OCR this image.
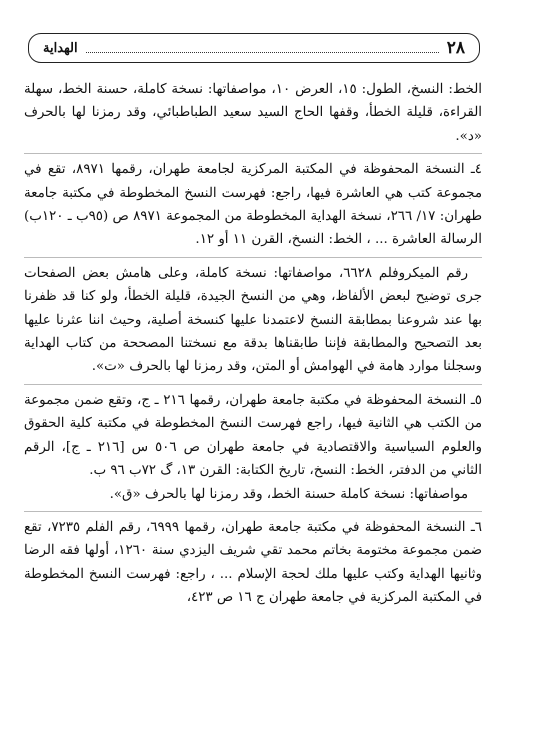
٢٨
الهداية

الخط: النسخ، الطول: ١٥، العرض ١٠، مواصفاتها: نسخة كاملة، حسنة الخط، سهلة القراءة، قليلة الخطأ، وقفها الحاج السيد سعيد الطباطبائي، وقد رمزنا لها بالحرف «د».

٤ـ النسخة المحفوظة في المكتبة المركزية لجامعة طهران، رقمها ٨٩٧١، تقع في مجموعة كتب هي العاشرة فيها، راجع: فهرست النسخ المخطوطة في مكتبة جامعة طهران: ١٧/ ٢٦٦، نسخة الهداية المخطوطة من المجموعة ٨٩٧١ ص (٩٥ب ـ ١٢٠ب) الرسالة العاشرة ... ، الخط: النسخ، القرن ١١ أو ١٢.

رقم الميكروفلم ٦٦٢٨، مواصفاتها: نسخة كاملة، وعلى هامش بعض الصفحات جرى توضيح لبعض الألفاظ، وهي من النسخ الجيدة، قليلة الخطأ، ولو كنا قد ظفرنا بها عند شروعنا بمطابقة النسخ لاعتمدنا عليها كنسخة أصلية، وحيث اننا عثرنا عليها بعد التصحيح والمطابقة فإننا طابقناها بدقة مع نسختنا المصححة من كتاب الهداية وسجلنا موارد هامة في الهوامش أو المتن، وقد رمزنا لها بالحرف «ت».

٥ـ النسخة المحفوظة في مكتبة جامعة طهران، رقمها ٢١٦ ـ ج، وتقع ضمن مجموعة من الكتب هي الثانية فيها، راجع فهرست النسخ المخطوطة في مكتبة كلية الحقوق والعلوم السياسية والاقتصادية في جامعة طهران ص ٥٠٦ س [٢١٦ ـ ج]، الرقم الثاني من الدفتر، الخط: النسخ، تاريخ الكتابة: القرن ١٣، گ ٧٢ب ٩٦ ب.

مواصفاتها: نسخة كاملة حسنة الخط، وقد رمزنا لها بالحرف «ق».

٦ـ النسخة المحفوظة في مكتبة جامعة طهران، رقمها ٦٩٩٩، رقم الفلم ٧٢٣٥، تقع ضمن مجموعة مختومة بخاتم محمد تقي شريف اليزدي سنة ١٢٦٠، أولها فقه الرضا وثانيها الهداية وكتب عليها ملك لحجة الإسلام ... ، راجع: فهرست النسخ المخطوطة في المكتبة المركزية في جامعة طهران ج ١٦ ص ٤٢٣،
